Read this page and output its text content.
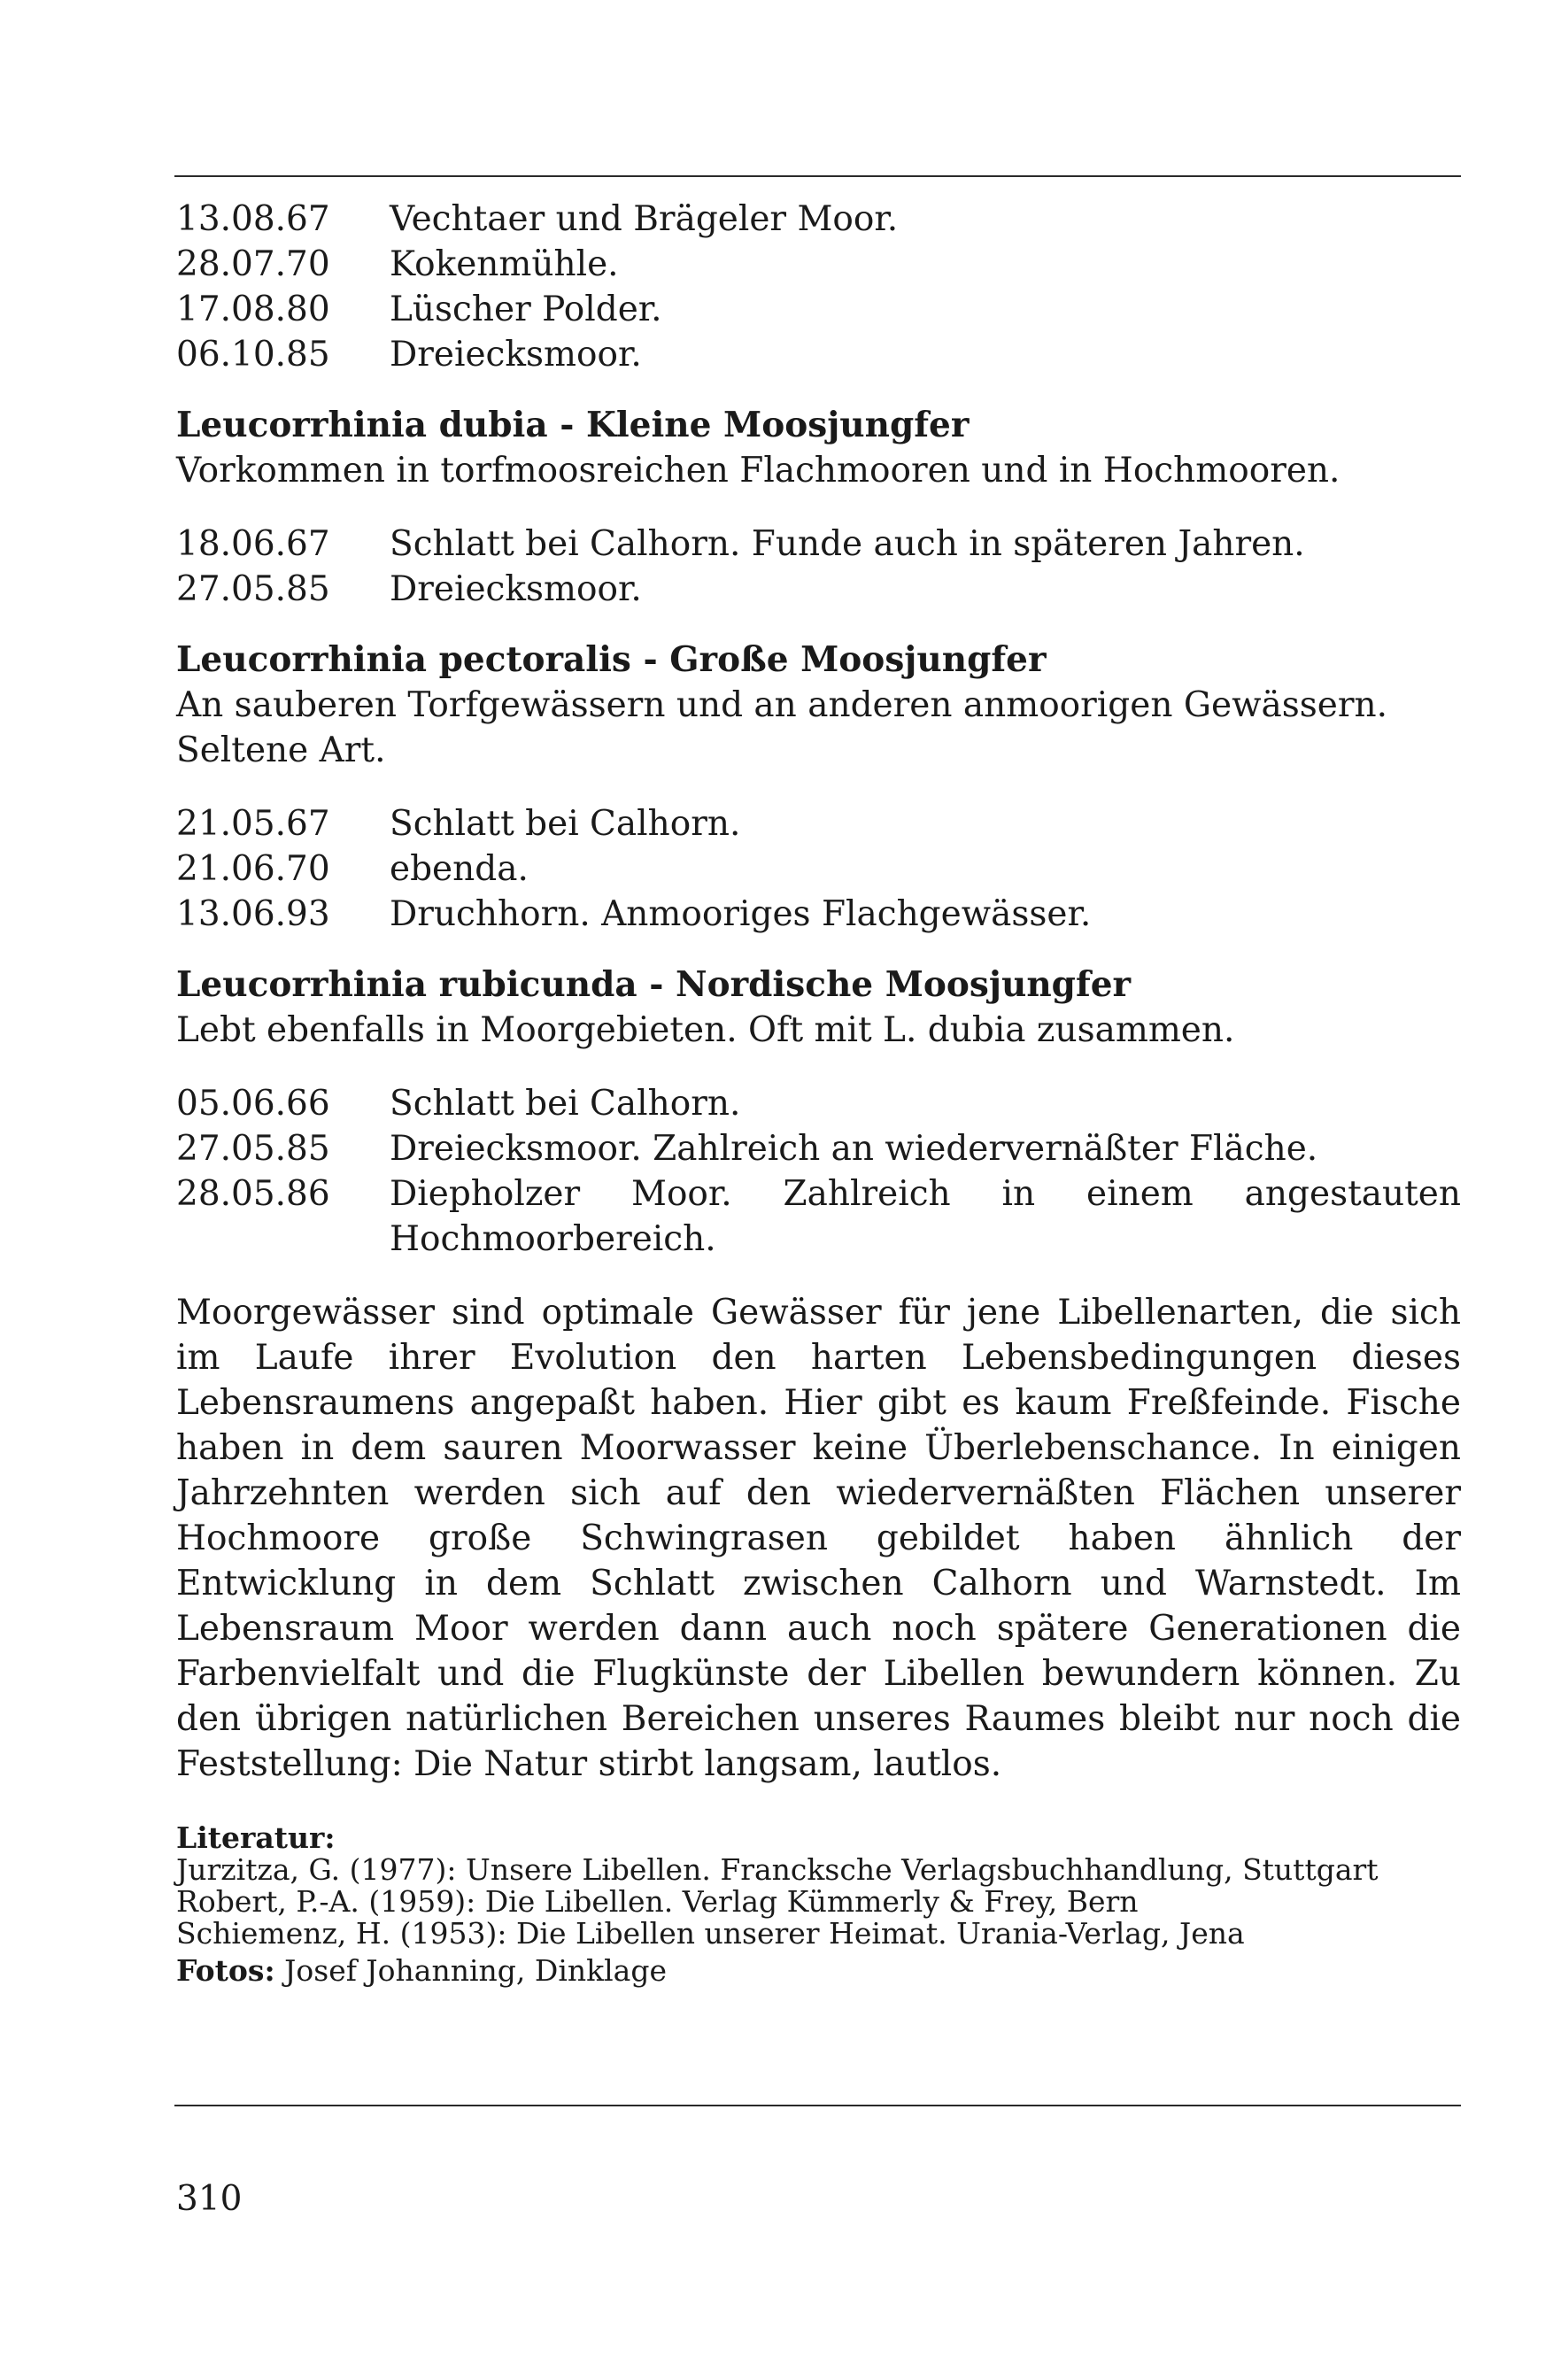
13.08.67	Vechtaer und Brägeler Moor.
28.07.70	Kokenmühle.
17.08.80	Lüscher Polder.
06.10.85	Dreiecksmoor.

Leucorrhinia dubia - Kleine Moosjungfer

Vorkommen in torfmoosreichen Flachmooren und in Hochmooren.

18.06.67	Schlatt bei Calhorn. Funde auch in späteren Jahren.
27.05.85	Dreiecksmoor.

Leucorrhinia pectoralis - Große Moosjungfer

An sauberen Torfgewässern und an anderen anmoorigen Gewässern. Seltene Art.

21.05.67	Schlatt bei Calhorn.
21.06.70	ebenda.
13.06.93	Druchhorn. Anmooriges Flachgewässer.

Leucorrhinia rubicunda - Nordische Moosjungfer

Lebt ebenfalls in Moorgebieten. Oft mit L. dubia zusammen.

05.06.66	Schlatt bei Calhorn.
27.05.85	Dreiecksmoor. Zahlreich an wiedervernäßter Fläche.
28.05.86	Diepholzer Moor. Zahlreich in einem angestauten Hochmoorbereich.

Moorgewässer sind optimale Gewässer für jene Libellenarten, die sich im Laufe ihrer Evolution den harten Lebensbedingungen dieses Lebensraumens angepaßt haben. Hier gibt es kaum Freßfeinde. Fische haben in dem sauren Moorwasser keine Überlebenschance. In einigen Jahrzehnten werden sich auf den wiedervernäßten Flächen unserer Hochmoore große Schwingrasen gebildet haben ähnlich der Entwicklung in dem Schlatt zwischen Calhorn und Warnstedt. Im Lebensraum Moor werden dann auch noch spätere Generationen die Farbenvielfalt und die Flugkünste der Libellen bewundern können. Zu den übrigen natürlichen Bereichen unseres Raumes bleibt nur noch die Feststellung: Die Natur stirbt langsam, lautlos.

Literatur:

Jurzitza, G. (1977): Unsere Libellen. Francksche Verlagsbuchhandlung, Stuttgart

Robert, P.-A. (1959): Die Libellen. Verlag Kümmerly & Frey, Bern

Schiemenz, H. (1953): Die Libellen unserer Heimat. Urania-Verlag, Jena

Fotos: Josef Johanning, Dinklage
310
